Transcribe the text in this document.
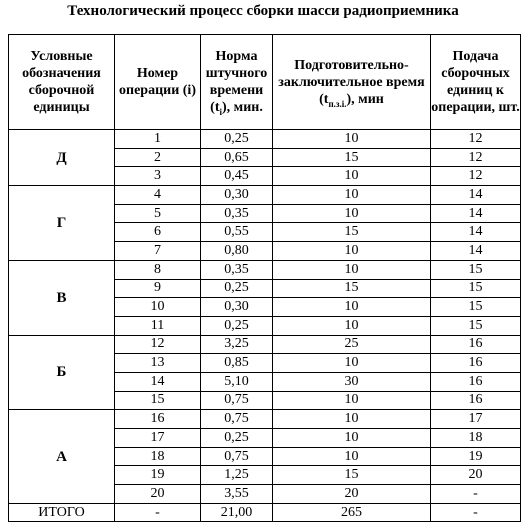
Технологический процесс сборки шасси радиоприемника
Условные обозначения сборочной единицы	Номер операции (i)	Норма штучного времени $(t_i)$, мин.	Подготовительно-заключительное время $(t_{п.з.i.})$, мин	Подача сборочных единиц к операции, шт.
Д	1	0,25	10	12
	2	0,65	15	12
	3	0,45	10	12
Г	4	0,30	10	14
	5	0,35	10	14
	6	0,55	15	14
	7	0,80	10	14
В	8	0,35	10	15
	9	0,25	15	15
	10	0,30	10	15
	11	0,25	10	15
Б	12	3,25	25	16
	13	0,85	10	16
	14	5,10	30	16
	15	0,75	10	16
А	16	0,75	10	17
	17	0,25	10	18
	18	0,75	10	19
	19	1,25	15	20
	20	3,55	20	-
ИТОГО	-	21,00	265	-
